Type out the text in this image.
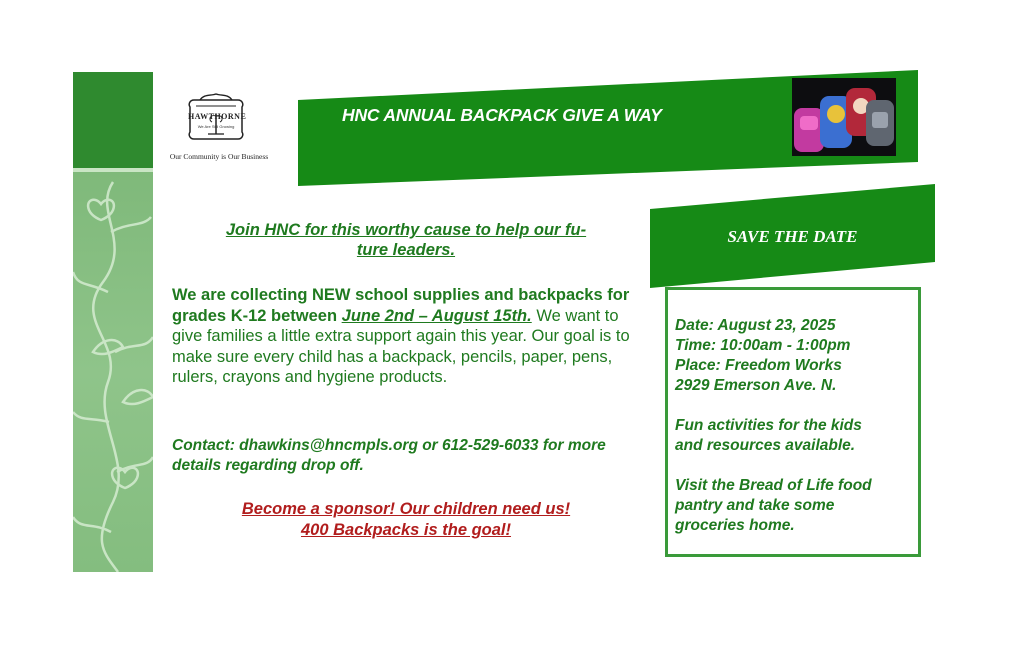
HAWTHORNE
We Are Still Growing
Our Community is Our Business
HNC ANNUAL BACKPACK GIVE A WAY
SAVE THE DATE
Date: August 23, 2025
Time: 10:00am - 1:00pm
Place: Freedom Works
2929 Emerson Ave. N.
Fun activities for the kids
and resources available.
Visit the Bread of Life food
pantry and take some
groceries home.
Join HNC for this worthy cause to help our fu-
ture leaders.
We are collecting NEW school supplies and backpacks for grades K-12 between June 2nd – August 15th. We want to give families a little extra support again this year. Our goal is to make sure every child has a backpack, pencils, paper, pens, rulers, crayons and hygiene products.
Contact: dhawkins@hncmpls.org or 612-529-6033 for more details regarding drop off.
Become a sponsor! Our children need us!
400 Backpacks is the goal!
